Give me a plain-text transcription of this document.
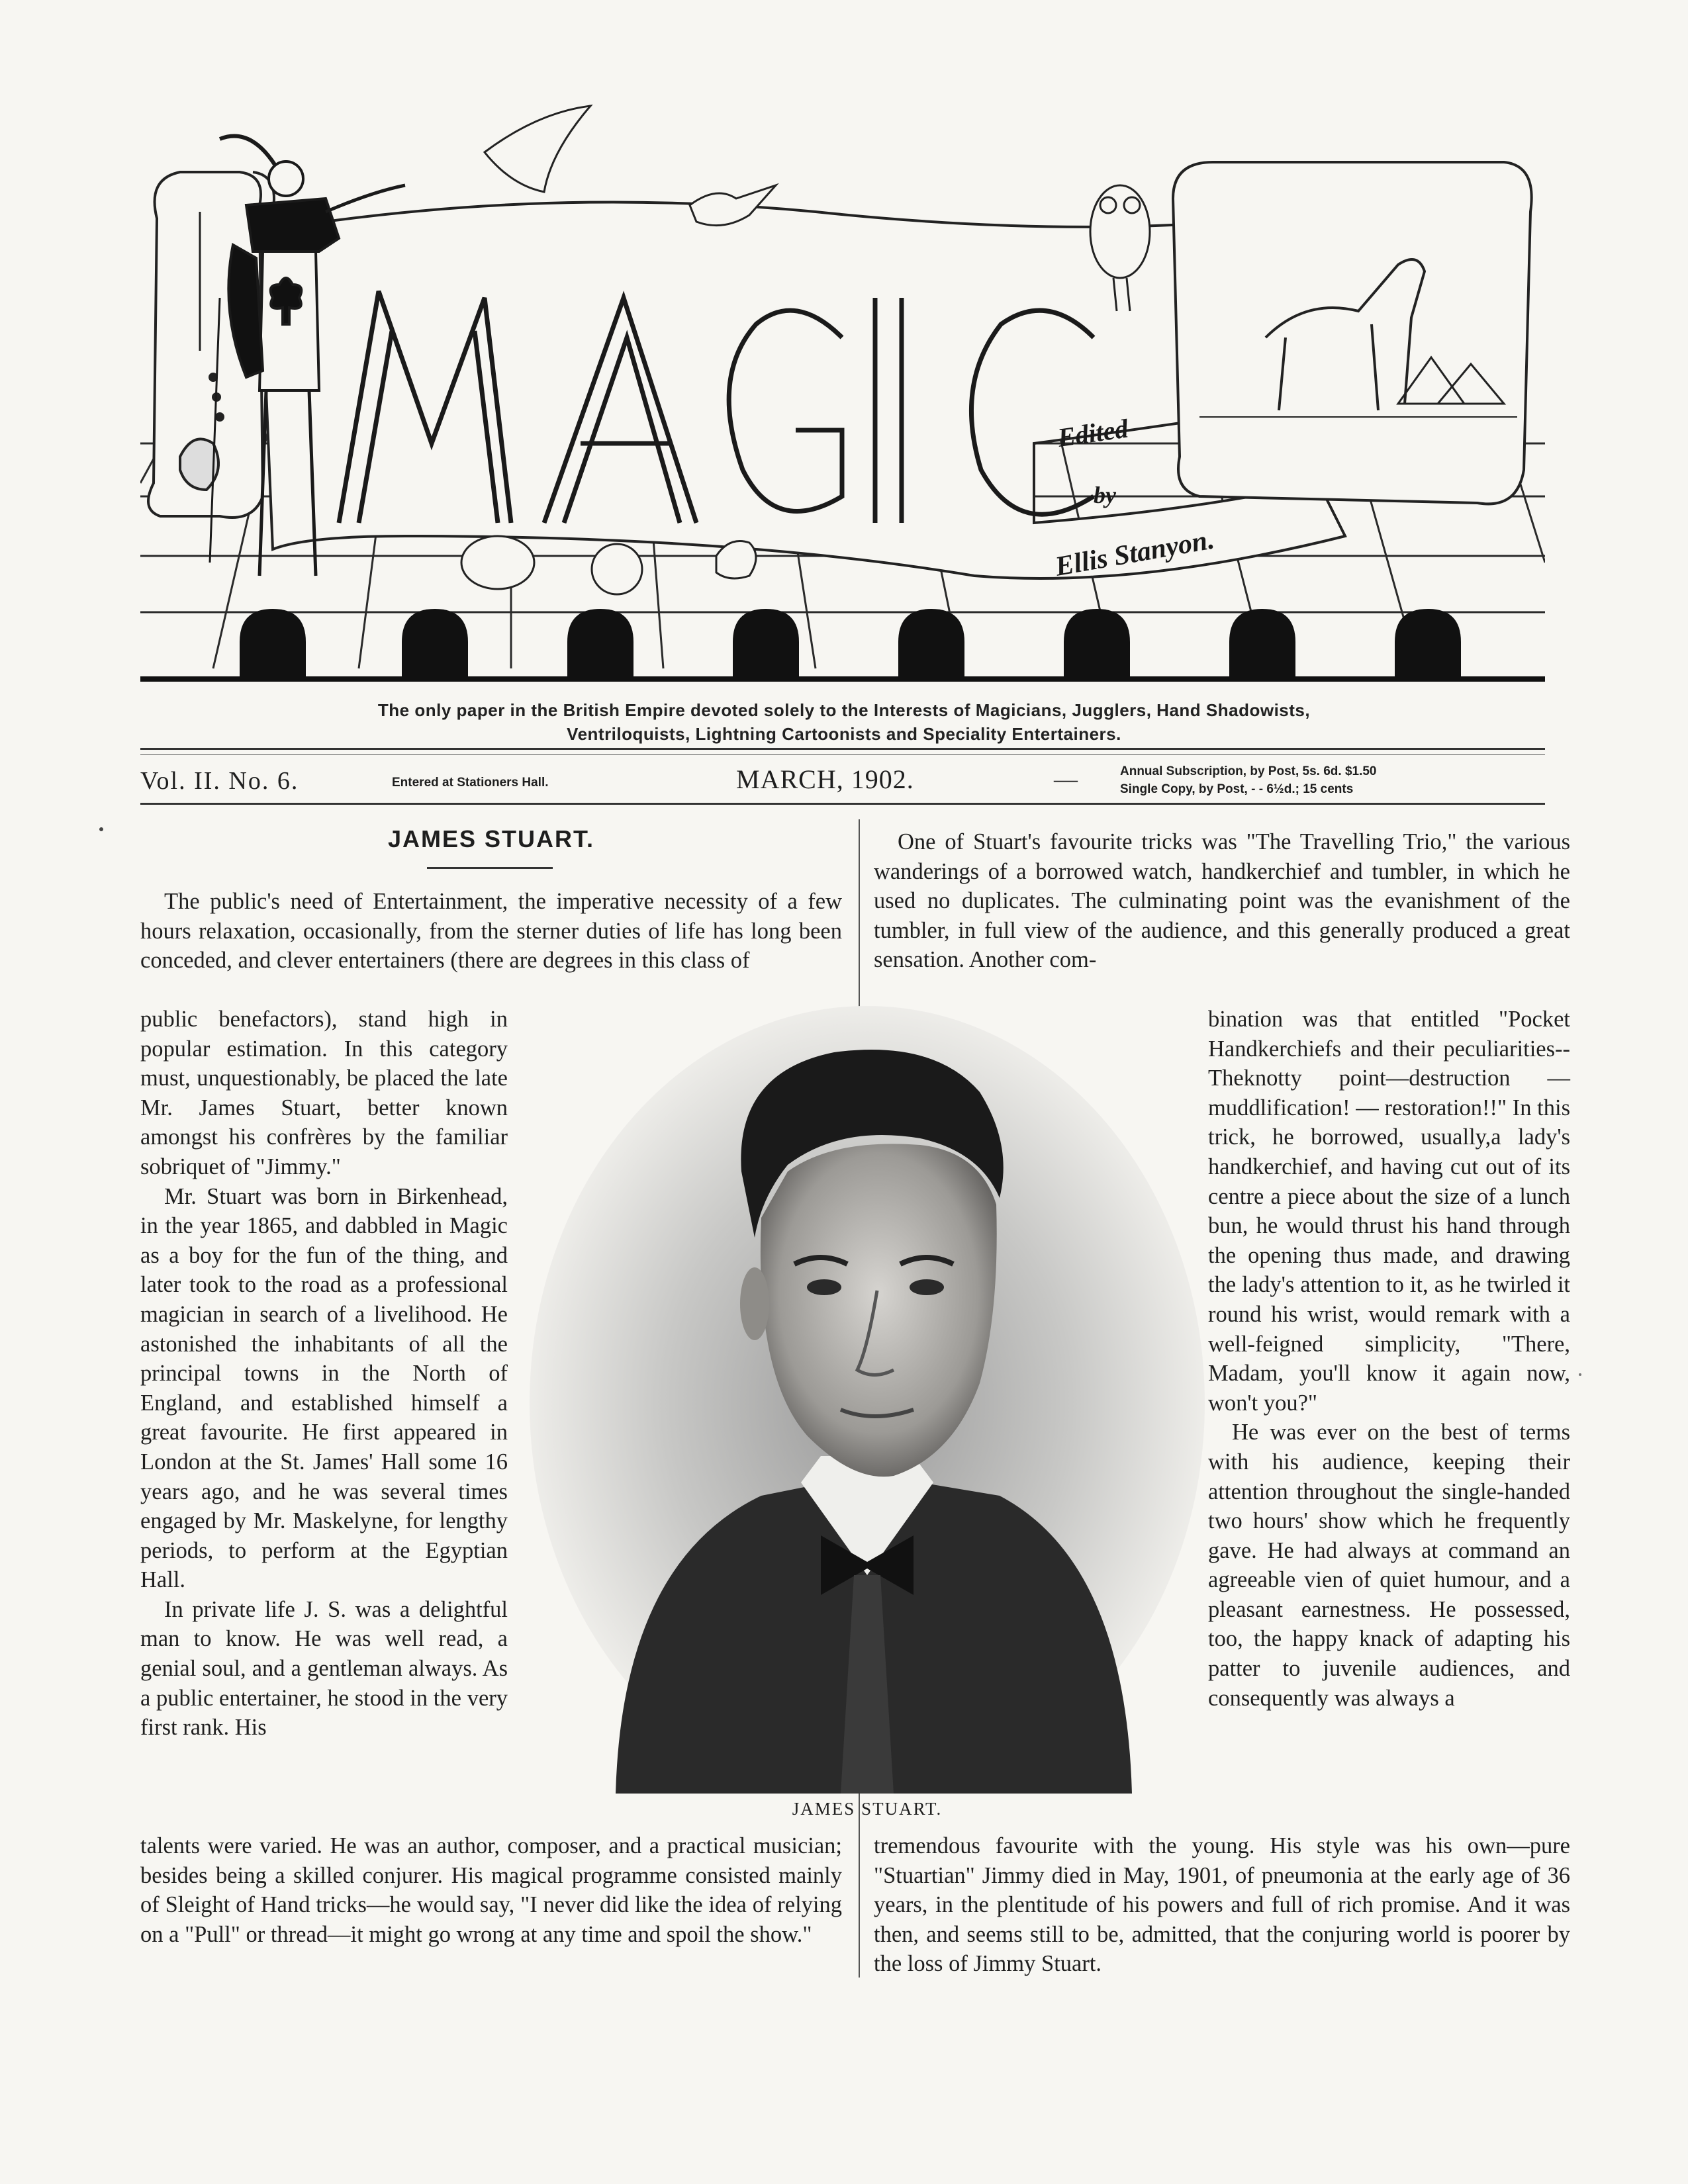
Edited
by
Ellis Stanyon.
The only paper in the British Empire devoted solely to the Interests of Magicians, Jugglers, Hand Shadowists,
Ventriloquists, Lightning Cartoonists and Speciality Entertainers.
Vol. II. No. 6.	Entered at Stationers Hall.	MARCH, 1902.	—	Annual Subscription, by Post, 5s. 6d. $1.50
Single Copy, by Post, - - 6½d.; 15 cents
JAMES STUART.

The public's need of Entertainment, the imperative necessity of a few hours relaxation, occasionally, from the sterner duties of life has long been conceded, and clever entertainers (there are degrees in this class of

public benefactors), stand high in popular estimation. In this category must, unquestionably, be placed the late Mr. James Stuart, better known amongst his confrères by the familiar sobriquet of "Jimmy."

Mr. Stuart was born in Birkenhead, in the year 1865, and dabbled in Magic as a boy for the fun of the thing, and later took to the road as a professional magician in search of a livelihood. He astonished the inhabitants of all the principal towns in the North of England, and established himself a great favourite. He first appeared in London at the St. James' Hall some 16 years ago, and he was several times engaged by Mr. Maskelyne, for lengthy periods, to perform at the Egyptian Hall.

In private life J. S. was a delightful man to know. He was well read, a genial soul, and a gentleman always. As a public entertainer, he stood in the very first rank. His

talents were varied. He was an author, composer, and a practical musician; besides being a skilled conjurer. His magical programme consisted mainly of Sleight of Hand tricks—he would say, "I never did like the idea of relying on a "Pull" or thread—it might go wrong at any time and spoil the show."

One of Stuart's favourite tricks was "The Travelling Trio," the various wanderings of a borrowed watch, handkerchief and tumbler, in which he used no duplicates. The culminating point was the evanishment of the tumbler, in full view of the audience, and this generally produced a great sensation. Another com-

bination was that entitled "Pocket Handkerchiefs and their peculiarities--Theknotty point—destruction — muddlification! — restoration!!" In this trick, he borrowed, usually,a lady's handkerchief, and having cut out of its centre a piece about the size of a lunch bun, he would thrust his hand through the opening thus made, and drawing the lady's attention to it, as he twirled it round his wrist, would remark with a well-feigned simplicity, "There, Madam, you'll know it again now, won't you?"

He was ever on the best of terms with his audience, keeping their attention throughout the single-handed two hours' show which he frequently gave. He had always at command an agreeable vien of quiet humour, and a pleasant earnestness. He possessed, too, the happy knack of adapting his patter to juvenile audiences, and consequently was always a

tremendous favourite with the young. His style was his own—pure "Stuartian" Jimmy died in May, 1901, of pneumonia at the early age of 36 years, in the plentitude of his powers and full of rich promise. And it was then, and seems still to be, admitted, that the conjuring world is poorer by the loss of Jimmy Stuart.

JAMES STUART.
